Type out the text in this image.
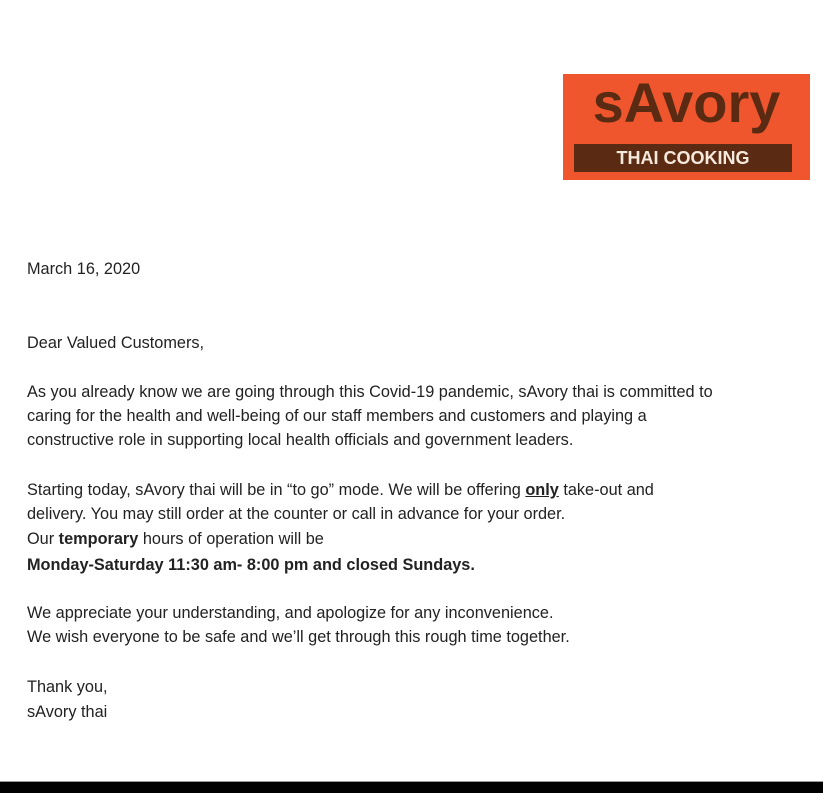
sAvory
THAI COOKING
March 16, 2020
Dear Valued Customers,
As you already know we are going through this Covid-19 pandemic, sAvory thai is committed to
caring for the health and well-being of our staff members and customers and playing a
constructive role in supporting local health officials and government leaders.
Starting today, sAvory thai will be in “to go” mode. We will be offering only take-out and
delivery. You may still order at the counter or call in advance for your order.
Our temporary hours of operation will be
Monday-Saturday 11:30 am- 8:00 pm and closed Sundays.
We appreciate your understanding, and apologize for any inconvenience.
We wish everyone to be safe and we’ll get through this rough time together.
Thank you,
sAvory thai
